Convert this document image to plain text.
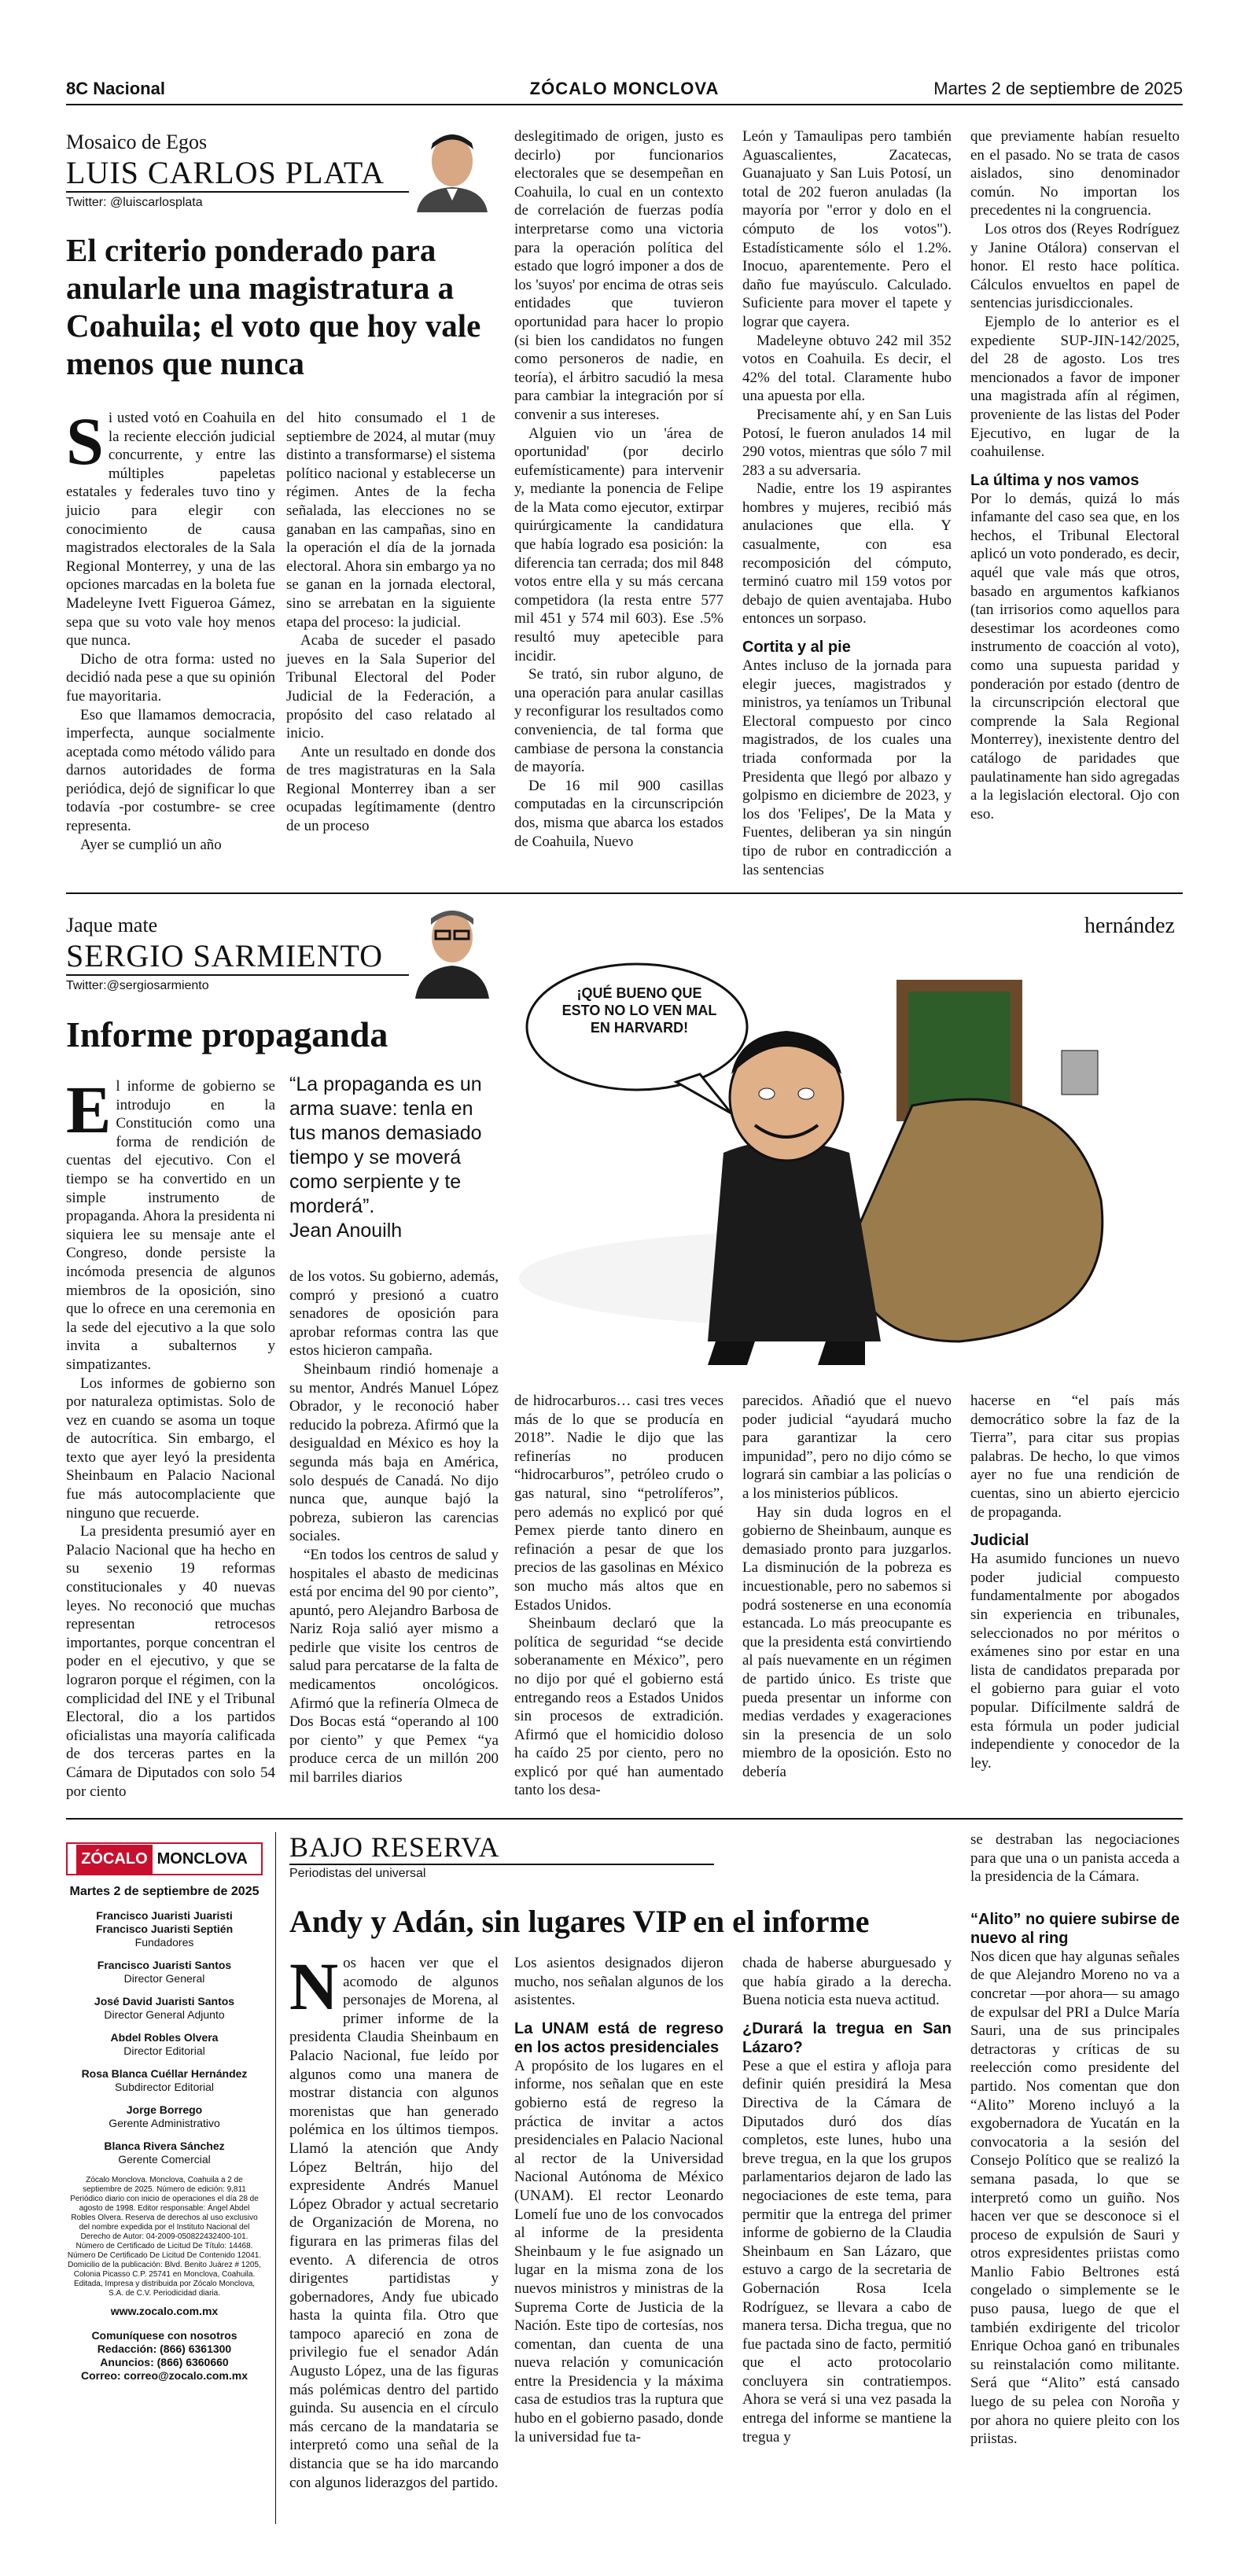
8C Nacional	ZÓCALO MONCLOVA	Martes 2 de septiembre de 2025
Mosaico de Egos
LUIS CARLOS PLATA
Twitter: @luiscarlosplata
El criterio ponderado para anularle una magistratura a Coahuila; el voto que hoy vale menos que nunca

Si usted votó en Coahuila en la reciente elección judicial concurrente, y entre las múltiples papeletas estatales y federales tuvo tino y juicio para elegir con conocimiento de causa magistrados electorales de la Sala Regional Monterrey, y una de las opciones marcadas en la boleta fue Madeleyne Ivett Figueroa Gámez, sepa que su voto vale hoy menos que nunca.

Dicho de otra forma: usted no decidió nada pese a que su opinión fue mayoritaria.

Eso que llamamos democracia, imperfecta, aunque socialmente aceptada como método válido para darnos autoridades de forma periódica, dejó de significar lo que todavía -por costumbre- se cree representa.

Ayer se cumplió un año

del hito consumado el 1 de septiembre de 2024, al mutar (muy distinto a transformarse) el sistema político nacional y establecerse un régimen. Antes de la fecha señalada, las elecciones no se ganaban en las campañas, sino en la operación el día de la jornada electoral. Ahora sin embargo ya no se ganan en la jornada electoral, sino se arrebatan en la siguiente etapa del proceso: la judicial.

Acaba de suceder el pasado jueves en la Sala Superior del Tribunal Electoral del Poder Judicial de la Federación, a propósito del caso relatado al inicio.

Ante un resultado en donde dos de tres magistraturas en la Sala Regional Monterrey iban a ser ocupadas legítimamente (dentro de un proceso

deslegitimado de origen, justo es decirlo) por funcionarios electorales que se desempeñan en Coahuila, lo cual en un contexto de correlación de fuerzas podía interpretarse como una victoria para la operación política del estado que logró imponer a dos de los 'suyos' por encima de otras seis entidades que tuvieron oportunidad para hacer lo propio (si bien los candidatos no fungen como personeros de nadie, en teoría), el árbitro sacudió la mesa para cambiar la integración por sí convenir a sus intereses.

Alguien vio un 'área de oportunidad' (por decirlo eufemísticamente) para intervenir y, mediante la ponencia de Felipe de la Mata como ejecutor, extirpar quirúrgicamente la candidatura que había logrado esa posición: la diferencia tan cerrada; dos mil 848 votos entre ella y su más cercana competidora (la resta entre 577 mil 451 y 574 mil 603). Ese .5% resultó muy apetecible para incidir.

Se trató, sin rubor alguno, de una operación para anular casillas y reconfigurar los resultados como conveniencia, de tal forma que cambiase de persona la constancia de mayoría.

De 16 mil 900 casillas computadas en la circunscripción dos, misma que abarca los estados de Coahuila, Nuevo

León y Tamaulipas pero también Aguascalientes, Zacatecas, Guanajuato y San Luis Potosí, un total de 202 fueron anuladas (la mayoría por "error y dolo en el cómputo de los votos"). Estadísticamente sólo el 1.2%. Inocuo, aparentemente. Pero el daño fue mayúsculo. Calculado. Suficiente para mover el tapete y lograr que cayera.

Madeleyne obtuvo 242 mil 352 votos en Coahuila. Es decir, el 42% del total. Claramente hubo una apuesta por ella.

Precisamente ahí, y en San Luis Potosí, le fueron anulados 14 mil 290 votos, mientras que sólo 7 mil 283 a su adversaria.

Nadie, entre los 19 aspirantes hombres y mujeres, recibió más anulaciones que ella. Y casualmente, con esa recomposición del cómputo, terminó cuatro mil 159 votos por debajo de quien aventajaba. Hubo entonces un sorpaso.

Cortita y al pie

Antes incluso de la jornada para elegir jueces, magistrados y ministros, ya teníamos un Tribunal Electoral compuesto por cinco magistrados, de los cuales una triada conformada por la Presidenta que llegó por albazo y golpismo en diciembre de 2023, y los dos 'Felipes', De la Mata y Fuentes, deliberan ya sin ningún tipo de rubor en contradicción a las sentencias

que previamente habían resuelto en el pasado. No se trata de casos aislados, sino denominador común. No importan los precedentes ni la congruencia.

Los otros dos (Reyes Rodríguez y Janine Otálora) conservan el honor. El resto hace política. Cálculos envueltos en papel de sentencias jurisdiccionales.

Ejemplo de lo anterior es el expediente SUP-JIN-142/2025, del 28 de agosto. Los tres mencionados a favor de imponer una magistrada afín al régimen, proveniente de las listas del Poder Ejecutivo, en lugar de la coahuilense.

La última y nos vamos

Por lo demás, quizá lo más infamante del caso sea que, en los hechos, el Tribunal Electoral aplicó un voto ponderado, es decir, aquél que vale más que otros, basado en argumentos kafkianos (tan irrisorios como aquellos para desestimar los acordeones como instrumento de coacción al voto), como una supuesta paridad y ponderación por estado (dentro de la circunscripción electoral que comprende la Sala Regional Monterrey), inexistente dentro del catálogo de paridades que paulatinamente han sido agregadas a la legislación electoral. Ojo con eso.

Jaque mate
SERGIO SARMIENTO
Twitter:@sergiosarmiento
Informe propaganda

El informe de gobierno se introdujo en la Constitución como una forma de rendición de cuentas del ejecutivo. Con el tiempo se ha convertido en un simple instrumento de propaganda. Ahora la presidenta ni siquiera lee su mensaje ante el Congreso, donde persiste la incómoda presencia de algunos miembros de la oposición, sino que lo ofrece en una ceremonia en la sede del ejecutivo a la que solo invita a subalternos y simpatizantes.

Los informes de gobierno son por naturaleza optimistas. Solo de vez en cuando se asoma un toque de autocrítica. Sin embargo, el texto que ayer leyó la presidenta Sheinbaum en Palacio Nacional fue más autocomplaciente que ninguno que recuerde.

La presidenta presumió ayer en Palacio Nacional que ha hecho en su sexenio 19 reformas constitucionales y 40 nuevas leyes. No reconoció que muchas representan retrocesos importantes, porque concentran el poder en el ejecutivo, y que se lograron porque el régimen, con la complicidad del INE y el Tribunal Electoral, dio a los partidos oficialistas una mayoría calificada de dos terceras partes en la Cámara de Diputados con solo 54 por ciento

“La propaganda es un arma suave: tenla en tus manos demasiado tiempo y se moverá como serpiente y te morderá”.
Jean Anouilh

de los votos. Su gobierno, además, compró y presionó a cuatro senadores de oposición para aprobar reformas contra las que estos hicieron campaña.

Sheinbaum rindió homenaje a su mentor, Andrés Manuel López Obrador, y le reconoció haber reducido la pobreza. Afirmó que la desigualdad en México es hoy la segunda más baja en América, solo después de Canadá. No dijo nunca que, aunque bajó la pobreza, subieron las carencias sociales.

“En todos los centros de salud y hospitales el abasto de medicinas está por encima del 90 por ciento”, apuntó, pero Alejandro Barbosa de Nariz Roja salió ayer mismo a pedirle que visite los centros de salud para percatarse de la falta de medicamentos oncológicos. Afirmó que la refinería Olmeca de Dos Bocas está “operando al 100 por ciento” y que Pemex “ya produce cerca de un millón 200 mil barriles diarios

de hidrocarburos… casi tres veces más de lo que se producía en 2018”. Nadie le dijo que las refinerías no producen “hidrocarburos”, petróleo crudo o gas natural, sino “petrolíferos”, pero además no explicó por qué Pemex pierde tanto dinero en refinación a pesar de que los precios de las gasolinas en México son mucho más altos que en Estados Unidos.

Sheinbaum declaró que la política de seguridad “se decide soberanamente en México”, pero no dijo por qué el gobierno está entregando reos a Estados Unidos sin procesos de extradición. Afirmó que el homicidio doloso ha caído 25 por ciento, pero no explicó por qué han aumentado tanto los desa-

parecidos. Añadió que el nuevo poder judicial “ayudará mucho para garantizar la cero impunidad”, pero no dijo cómo se logrará sin cambiar a las policías o a los ministerios públicos.

Hay sin duda logros en el gobierno de Sheinbaum, aunque es demasiado pronto para juzgarlos. La disminución de la pobreza es incuestionable, pero no sabemos si podrá sostenerse en una economía estancada. Lo más preocupante es que la presidenta está convirtiendo al país nuevamente en un régimen de partido único. Es triste que pueda presentar un informe con medias verdades y exageraciones sin la presencia de un solo miembro de la oposición. Esto no debería

hacerse en “el país más democrático sobre la faz de la Tierra”, para citar sus propias palabras. De hecho, lo que vimos ayer no fue una rendición de cuentas, sino un abierto ejercicio de propaganda.

Judicial

Ha asumido funciones un nuevo poder judicial compuesto fundamentalmente por abogados sin experiencia en tribunales, seleccionados no por méritos o exámenes sino por estar en una lista de candidatos preparada por el gobierno para guiar el voto popular. Difícilmente saldrá de esta fórmula un poder judicial independiente y conocedor de la ley.

hernández
¡QUÉ BUENO QUE ESTO NO LO VEN MAL EN HARVARD!
ZÓCALO MONCLOVA
Martes 2 de septiembre de 2025
Francisco Juaristi Juaristi
Francisco Juaristi Septién
Fundadores
Francisco Juaristi Santos
Director General
José David Juaristi Santos
Director General Adjunto
Abdel Robles Olvera
Director Editorial
Rosa Blanca Cuéllar Hernández
Subdirector Editorial
Jorge Borrego
Gerente Administrativo
Blanca Rivera Sánchez
Gerente Comercial
Zócalo Monclova. Monclova, Coahuila a 2 de septiembre de 2025. Número de edición: 9,811 Periódico diario con inicio de operaciones el día 28 de agosto de 1998. Editor responsable: Ángel Abdel Robles Olvera. Reserva de derechos al uso exclusivo del nombre expedida por el Instituto Nacional del Derecho de Autor: 04-2009-050822432400-101. Número de Certificado de Licitud De Título: 14468. Número De Certificado De Licitud De Contenido 12041. Domicilio de la publicación: Blvd. Benito Juárez # 1205, Colonia Picasso C.P. 25741 en Monclova, Coahuila. Editada, Impresa y distribuida por Zócalo Monclova, S.A. de C.V. Periodicidad diaria.
www.zocalo.com.mx
Comuníquese con nosotros
Redacción: (866) 6361300
Anuncios: (866) 6360660
Correo: correo@zocalo.com.mx
BAJO RESERVA
Periodistas del universal
Andy y Adán, sin lugares VIP en el informe

Nos hacen ver que el acomodo de algunos personajes de Morena, al primer informe de la presidenta Claudia Sheinbaum en Palacio Nacional, fue leído por algunos como una manera de mostrar distancia con algunos morenistas que han generado polémica en los últimos tiempos. Llamó la atención que Andy López Beltrán, hijo del expresidente Andrés Manuel López Obrador y actual secretario de Organización de Morena, no figurara en las primeras filas del evento. A diferencia de otros dirigentes partidistas y gobernadores, Andy fue ubicado hasta la quinta fila. Otro que tampoco apareció en zona de privilegio fue el senador Adán Augusto López, una de las figuras más polémicas dentro del partido guinda. Su ausencia en el círculo más cercano de la mandataria se interpretó como una señal de la distancia que se ha ido marcando con algunos liderazgos del partido.

Los asientos designados dijeron mucho, nos señalan algunos de los asistentes.

La UNAM está de regreso en los actos presidenciales

A propósito de los lugares en el informe, nos señalan que en este gobierno está de regreso la práctica de invitar a actos presidenciales en Palacio Nacional al rector de la Universidad Nacional Autónoma de México (UNAM). El rector Leonardo Lomelí fue uno de los convocados al informe de la presidenta Sheinbaum y le fue asignado un lugar en la misma zona de los nuevos ministros y ministras de la Suprema Corte de Justicia de la Nación. Este tipo de cortesías, nos comentan, dan cuenta de una nueva relación y comunicación entre la Presidencia y la máxima casa de estudios tras la ruptura que hubo en el gobierno pasado, donde la universidad fue ta-

chada de haberse aburguesado y que había girado a la derecha. Buena noticia esta nueva actitud.

¿Durará la tregua en San Lázaro?

Pese a que el estira y afloja para definir quién presidirá la Mesa Directiva de la Cámara de Diputados duró dos días completos, este lunes, hubo una breve tregua, en la que los grupos parlamentarios dejaron de lado las negociaciones de este tema, para permitir que la entrega del primer informe de gobierno de la Claudia Sheinbaum en San Lázaro, que estuvo a cargo de la secretaria de Gobernación Rosa Icela Rodríguez, se llevara a cabo de manera tersa. Dicha tregua, que no fue pactada sino de facto, permitió que el acto protocolario concluyera sin contratiempos. Ahora se verá si una vez pasada la entrega del informe se mantiene la tregua y

se destraban las negociaciones para que una o un panista acceda a la presidencia de la Cámara.

“Alito” no quiere subirse de nuevo al ring

Nos dicen que hay algunas señales de que Alejandro Moreno no va a concretar —por ahora— su amago de expulsar del PRI a Dulce María Sauri, una de sus principales detractoras y críticas de su reelección como presidente del partido. Nos comentan que don “Alito” Moreno incluyó a la exgobernadora de Yucatán en la convocatoria a la sesión del Consejo Político que se realizó la semana pasada, lo que se interpretó como un guiño. Nos hacen ver que se desconoce si el proceso de expulsión de Sauri y otros expresidentes priistas como Manlio Fabio Beltrones está congelado o simplemente se le puso pausa, luego de que el también exdirigente del tricolor Enrique Ochoa ganó en tribunales su reinstalación como militante. Será que “Alito” está cansado luego de su pelea con Noroña y por ahora no quiere pleito con los priistas.
